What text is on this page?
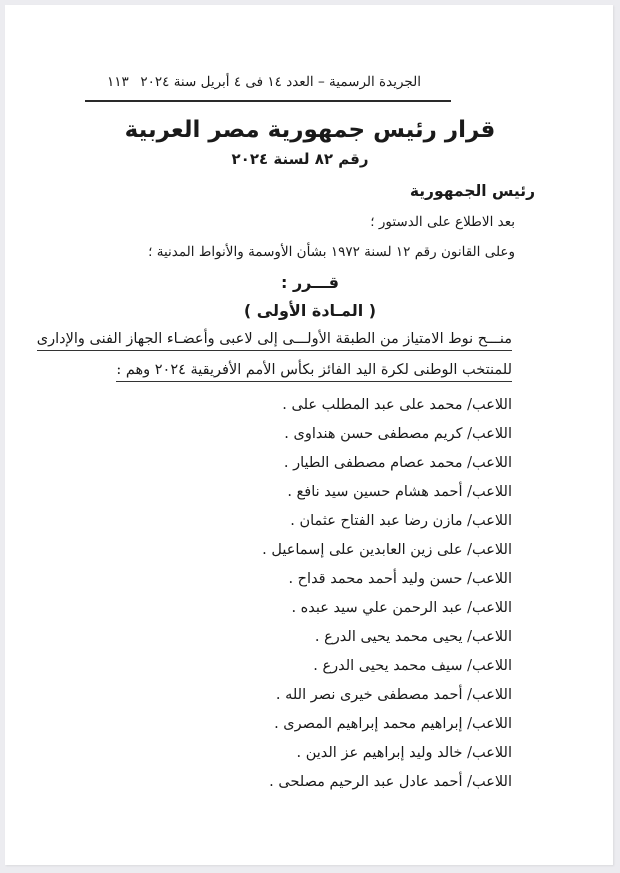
الجريدة الرسمية – العدد ١٤ فى ٤ أبريل سنة ٢٠٢٤
١١٣
قرار رئيس جمهورية مصر العربية
رقم ٨٢ لسنة ٢٠٢٤
رئيس الجمهورية
بعد الاطلاع على الدستور ؛
وعلى القانون رقم ١٢ لسنة ١٩٧٢ بشأن الأوسمة والأنواط المدنية ؛
قـــرر :
( المـادة الأولى )
منـــح نوط الامتياز من الطبقة الأولـــى إلى لاعبى وأعضـاء الجهاز الفنى والإدارى
للمنتخب الوطنى لكرة اليد الفائز بكأس الأمم الأفريقية ٢٠٢٤ وهم :
اللاعب/ محمد على عبد المطلب على .
اللاعب/ كريم مصطفى حسن هنداوى .
اللاعب/ محمد عصام مصطفى الطيار .
اللاعب/ أحمد هشام حسين سيد نافع .
اللاعب/ مازن رضا عبد الفتاح عثمان .
اللاعب/ على زين العابدين على إسماعيل .
اللاعب/ حسن وليد أحمد محمد قداح .
اللاعب/ عبد الرحمن علي سيد عبده .
اللاعب/ يحيى محمد يحيى الدرع .
اللاعب/ سيف محمد يحيى الدرع .
اللاعب/ أحمد مصطفى خيرى نصر الله .
اللاعب/ إبراهيم محمد إبراهيم المصرى .
اللاعب/ خالد وليد إبراهيم عز الدين .
اللاعب/ أحمد عادل عبد الرحيم مصلحى .
